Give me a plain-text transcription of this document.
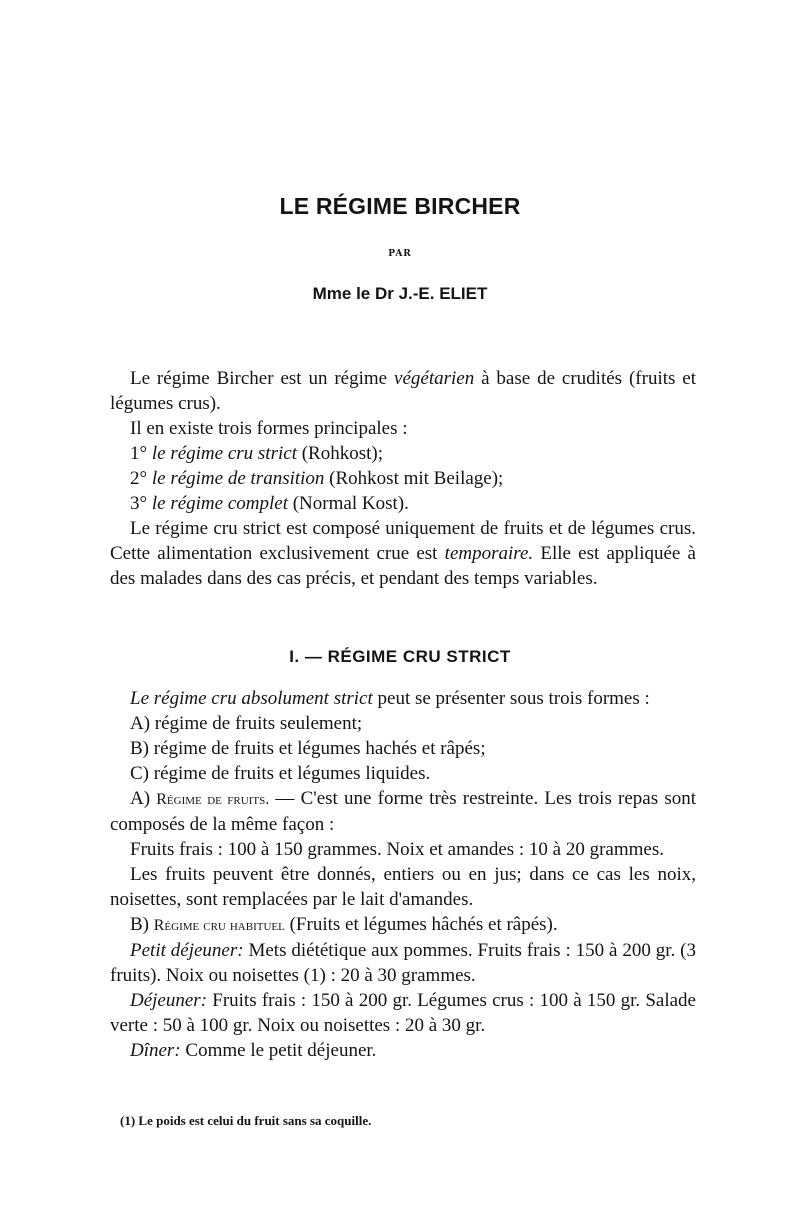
LE RÉGIME BIRCHER
PAR
Mme le Dr J.-E. ELIET

Le régime Bircher est un régime végétarien à base de crudités (fruits et légumes crus).

Il en existe trois formes principales :

1° le régime cru strict (Rohkost);

2° le régime de transition (Rohkost mit Beilage);

3° le régime complet (Normal Kost).

Le régime cru strict est composé uniquement de fruits et de légumes crus. Cette alimentation exclusivement crue est temporaire. Elle est appliquée à des malades dans des cas précis, et pendant des temps variables.

I. — RÉGIME CRU STRICT

Le régime cru absolument strict peut se présenter sous trois formes :

A) régime de fruits seulement;

B) régime de fruits et légumes hachés et râpés;

C) régime de fruits et légumes liquides.

A) Régime de fruits. — C'est une forme très restreinte. Les trois repas sont composés de la même façon :

Fruits frais : 100 à 150 grammes. Noix et amandes : 10 à 20 grammes.

Les fruits peuvent être donnés, entiers ou en jus; dans ce cas les noix, noisettes, sont remplacées par le lait d'amandes.

B) Régime cru habituel (Fruits et légumes hâchés et râpés).

Petit déjeuner: Mets diététique aux pommes. Fruits frais : 150 à 200 gr. (3 fruits). Noix ou noisettes (1) : 20 à 30 grammes.

Déjeuner: Fruits frais : 150 à 200 gr. Légumes crus : 100 à 150 gr. Salade verte : 50 à 100 gr. Noix ou noisettes : 20 à 30 gr.

Dîner: Comme le petit déjeuner.

(1) Le poids est celui du fruit sans sa coquille.
